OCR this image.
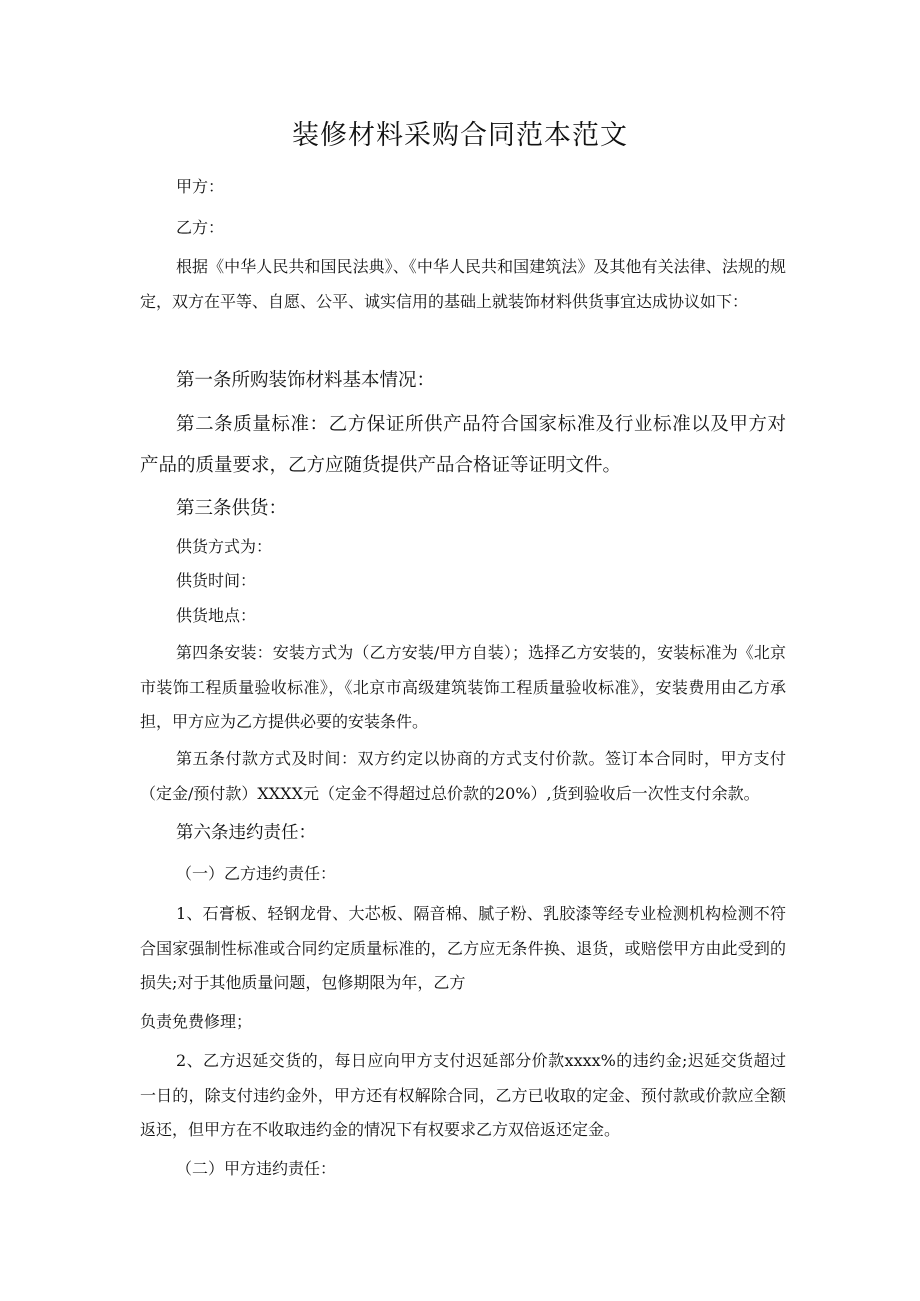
装修材料采购合同范本范文

甲方：

乙方：

根据《中华人民共和国民法典》、《中华人民共和国建筑法》及其他有关法律、法规的规定，双方在平等、自愿、公平、诚实信用的基础上就装饰材料供货事宜达成协议如下：

第一条所购装饰材料基本情况：

第二条质量标准：乙方保证所供产品符合国家标准及行业标准以及甲方对产品的质量要求，乙方应随货提供产品合格证等证明文件。

第三条供货：

供货方式为：

供货时间：

供货地点：

第四条安装：安装方式为（乙方安装/甲方自装）；选择乙方安装的，安装标准为《北京市装饰工程质量验收标准》，《北京市高级建筑装饰工程质量验收标准》，安装费用由乙方承担，甲方应为乙方提供必要的安装条件。

第五条付款方式及时间：双方约定以协商的方式支付价款。签订本合同时，甲方支付（定金/预付款）XXXX元（定金不得超过总价款的20%）,货到验收后一次性支付余款。

第六条违约责任：

（一）乙方违约责任：

1、石膏板、轻钢龙骨、大芯板、隔音棉、腻子粉、乳胶漆等经专业检测机构检测不符合国家强制性标准或合同约定质量标准的，乙方应无条件换、退货，或赔偿甲方由此受到的损失;对于其他质量问题，包修期限为年，乙方

负责免费修理；

2、乙方迟延交货的，每日应向甲方支付迟延部分价款xxxx%的违约金;迟延交货超过一日的，除支付违约金外，甲方还有权解除合同，乙方已收取的定金、预付款或价款应全额返还，但甲方在不收取违约金的情况下有权要求乙方双倍返还定金。

（二）甲方违约责任：
